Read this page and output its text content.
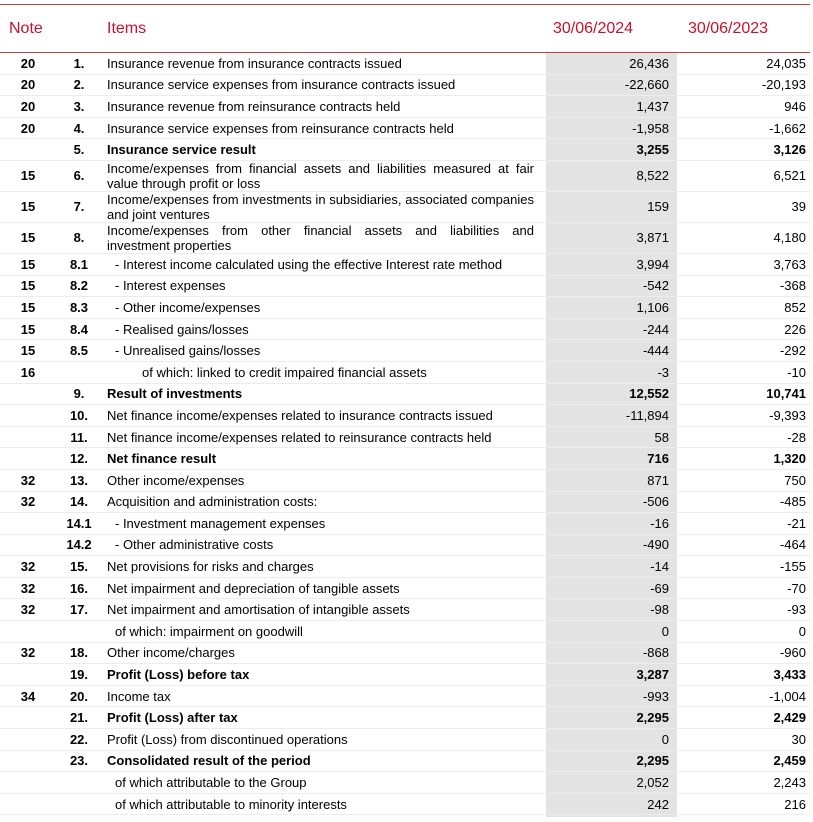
Note		Items	30/06/2024	30/06/2023
20	1.	Insurance revenue from insurance contracts issued	26,436	24,035
20	2.	Insurance service expenses from insurance contracts issued	-22,660	-20,193
20	3.	Insurance revenue from reinsurance contracts held	1,437	946
20	4.	Insurance service expenses from reinsurance contracts held	-1,958	-1,662
	5.	Insurance service result	3,255	3,126
15	6.	Income/expenses from financial assets and liabilities measured at fair value through profit or loss	8,522	6,521
15	7.	Income/expenses from investments in subsidiaries, associated companies and joint ventures	159	39
15	8.	Income/expenses from other financial assets and liabilities and investment properties	3,871	4,180
15	8.1	- Interest income calculated using the effective Interest rate method	3,994	3,763
15	8.2	- Interest expenses	-542	-368
15	8.3	- Other income/expenses	1,106	852
15	8.4	- Realised gains/losses	-244	226
15	8.5	- Unrealised gains/losses	-444	-292
16		of which: linked to credit impaired financial assets	-3	-10
	9.	Result of investments	12,552	10,741
	10.	Net finance income/expenses related to insurance contracts issued	-11,894	-9,393
	11.	Net finance income/expenses related to reinsurance contracts held	58	-28
	12.	Net finance result	716	1,320
32	13.	Other income/expenses	871	750
32	14.	Acquisition and administration costs:	-506	-485
	14.1	- Investment management expenses	-16	-21
	14.2	- Other administrative costs	-490	-464
32	15.	Net provisions for risks and charges	-14	-155
32	16.	Net impairment and depreciation of tangible assets	-69	-70
32	17.	Net impairment and amortisation of intangible assets	-98	-93
		of which: impairment on goodwill	0	0
32	18.	Other income/charges	-868	-960
	19.	Profit (Loss) before tax	3,287	3,433
34	20.	Income tax	-993	-1,004
	21.	Profit (Loss) after tax	2,295	2,429
	22.	Profit (Loss) from discontinued operations	0	30
	23.	Consolidated result of the period	2,295	2,459
		of which attributable to the Group	2,052	2,243
		of which attributable to minority interests	242	216
